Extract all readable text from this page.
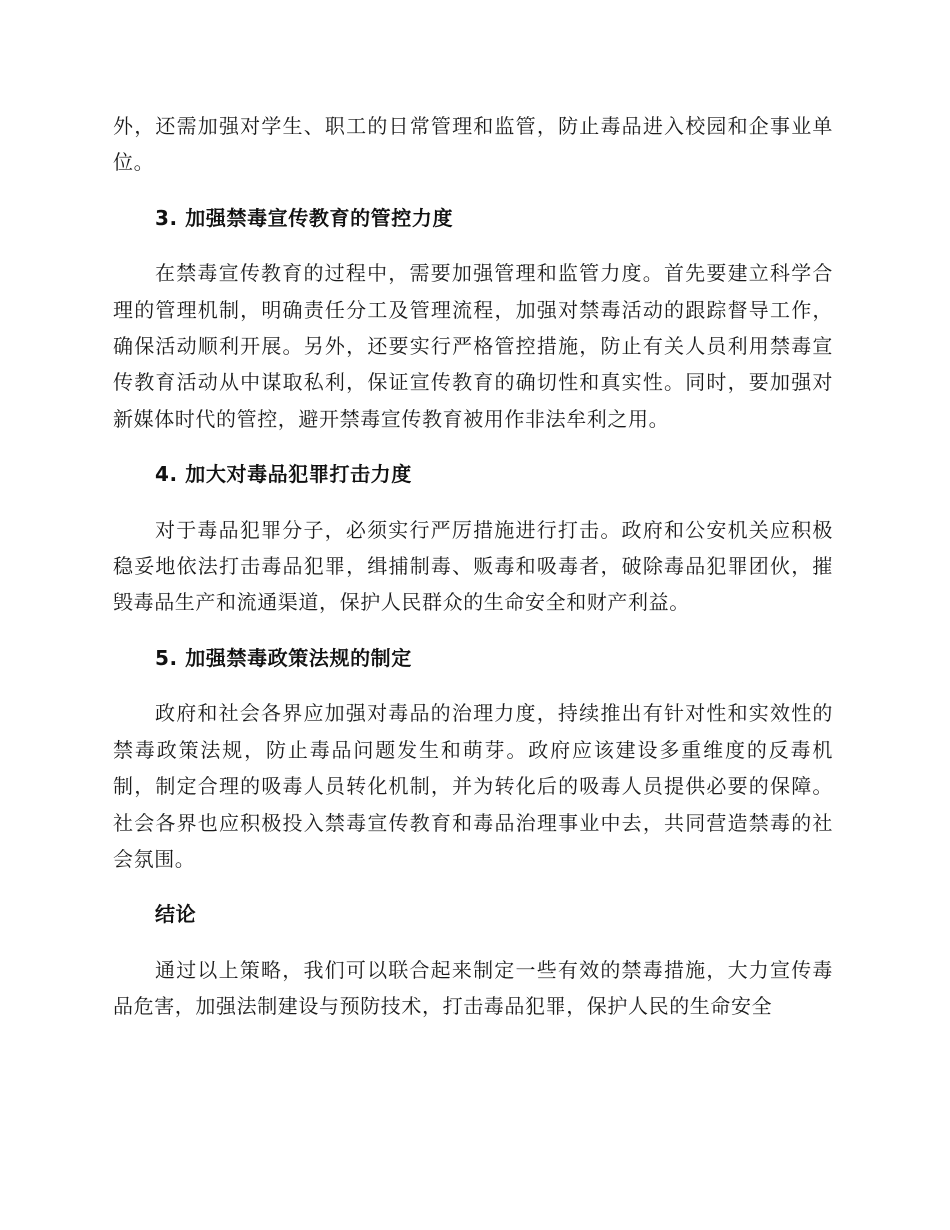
外，还需加强对学生、职工的日常管理和监管，防止毒品进入校园和企事业单位。

3. 加强禁毒宣传教育的管控力度

在禁毒宣传教育的过程中，需要加强管理和监管力度。首先要建立科学合理的管理机制，明确责任分工及管理流程，加强对禁毒活动的跟踪督导工作，确保活动顺利开展。另外，还要实行严格管控措施，防止有关人员利用禁毒宣传教育活动从中谋取私利，保证宣传教育的确切性和真实性。同时，要加强对新媒体时代的管控，避开禁毒宣传教育被用作非法牟利之用。

4. 加大对毒品犯罪打击力度

对于毒品犯罪分子，必须实行严厉措施进行打击。政府和公安机关应积极稳妥地依法打击毒品犯罪，缉捕制毒、贩毒和吸毒者，破除毒品犯罪团伙，摧毁毒品生产和流通渠道，保护人民群众的生命安全和财产利益。

5. 加强禁毒政策法规的制定

政府和社会各界应加强对毒品的治理力度，持续推出有针对性和实效性的禁毒政策法规，防止毒品问题发生和萌芽。政府应该建设多重维度的反毒机制，制定合理的吸毒人员转化机制，并为转化后的吸毒人员提供必要的保障。社会各界也应积极投入禁毒宣传教育和毒品治理事业中去，共同营造禁毒的社会氛围。

结论

通过以上策略，我们可以联合起来制定一些有效的禁毒措施，大力宣传毒品危害，加强法制建设与预防技术，打击毒品犯罪，保护人民的生命安全
